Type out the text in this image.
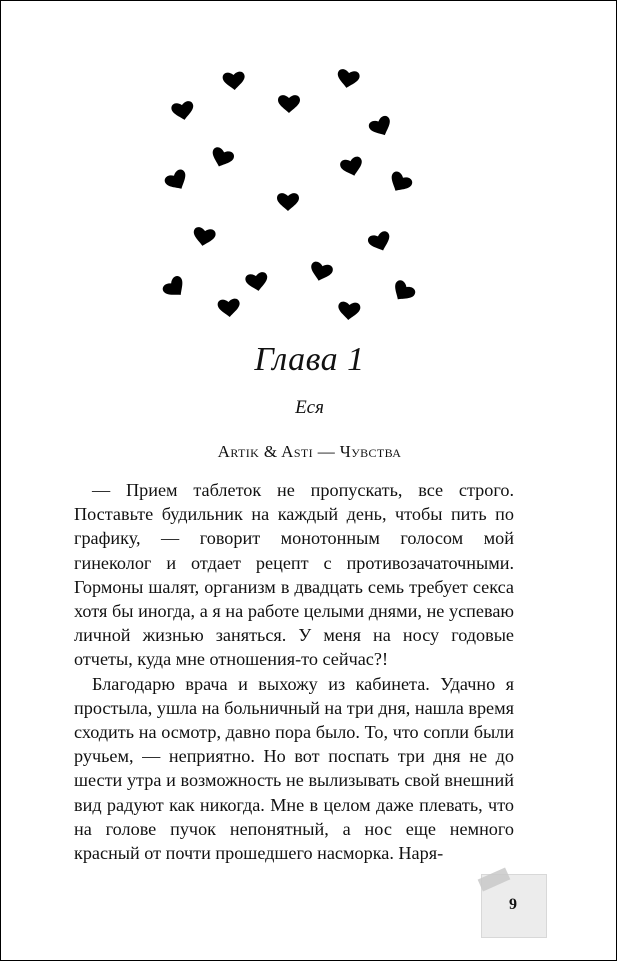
Глава 1
Еся
Artik & Asti — Чувства

— Прием таблеток не пропускать, все строго. Поставьте будильник на каждый день, чтобы пить по графику, — говорит монотонным голосом мой гинеколог и отдает рецепт с противозачаточными. Гормоны шалят, организм в двадцать семь требует секса хотя бы иногда, а я на работе целыми днями, не успеваю личной жизнью заняться. У меня на носу годовые отчеты, куда мне отношения-то сейчас?!

Благодарю врача и выхожу из кабинета. Удачно я простыла, ушла на больничный на три дня, нашла время сходить на осмотр, давно пора было. То, что сопли были ручьем, — неприятно. Но вот поспать три дня не до шести утра и возможность не вылизывать свой внешний вид радуют как никогда. Мне в целом даже плевать, что на голове пучок непонятный, а нос еще немного красный от почти прошедшего насморка. Наря-

9
